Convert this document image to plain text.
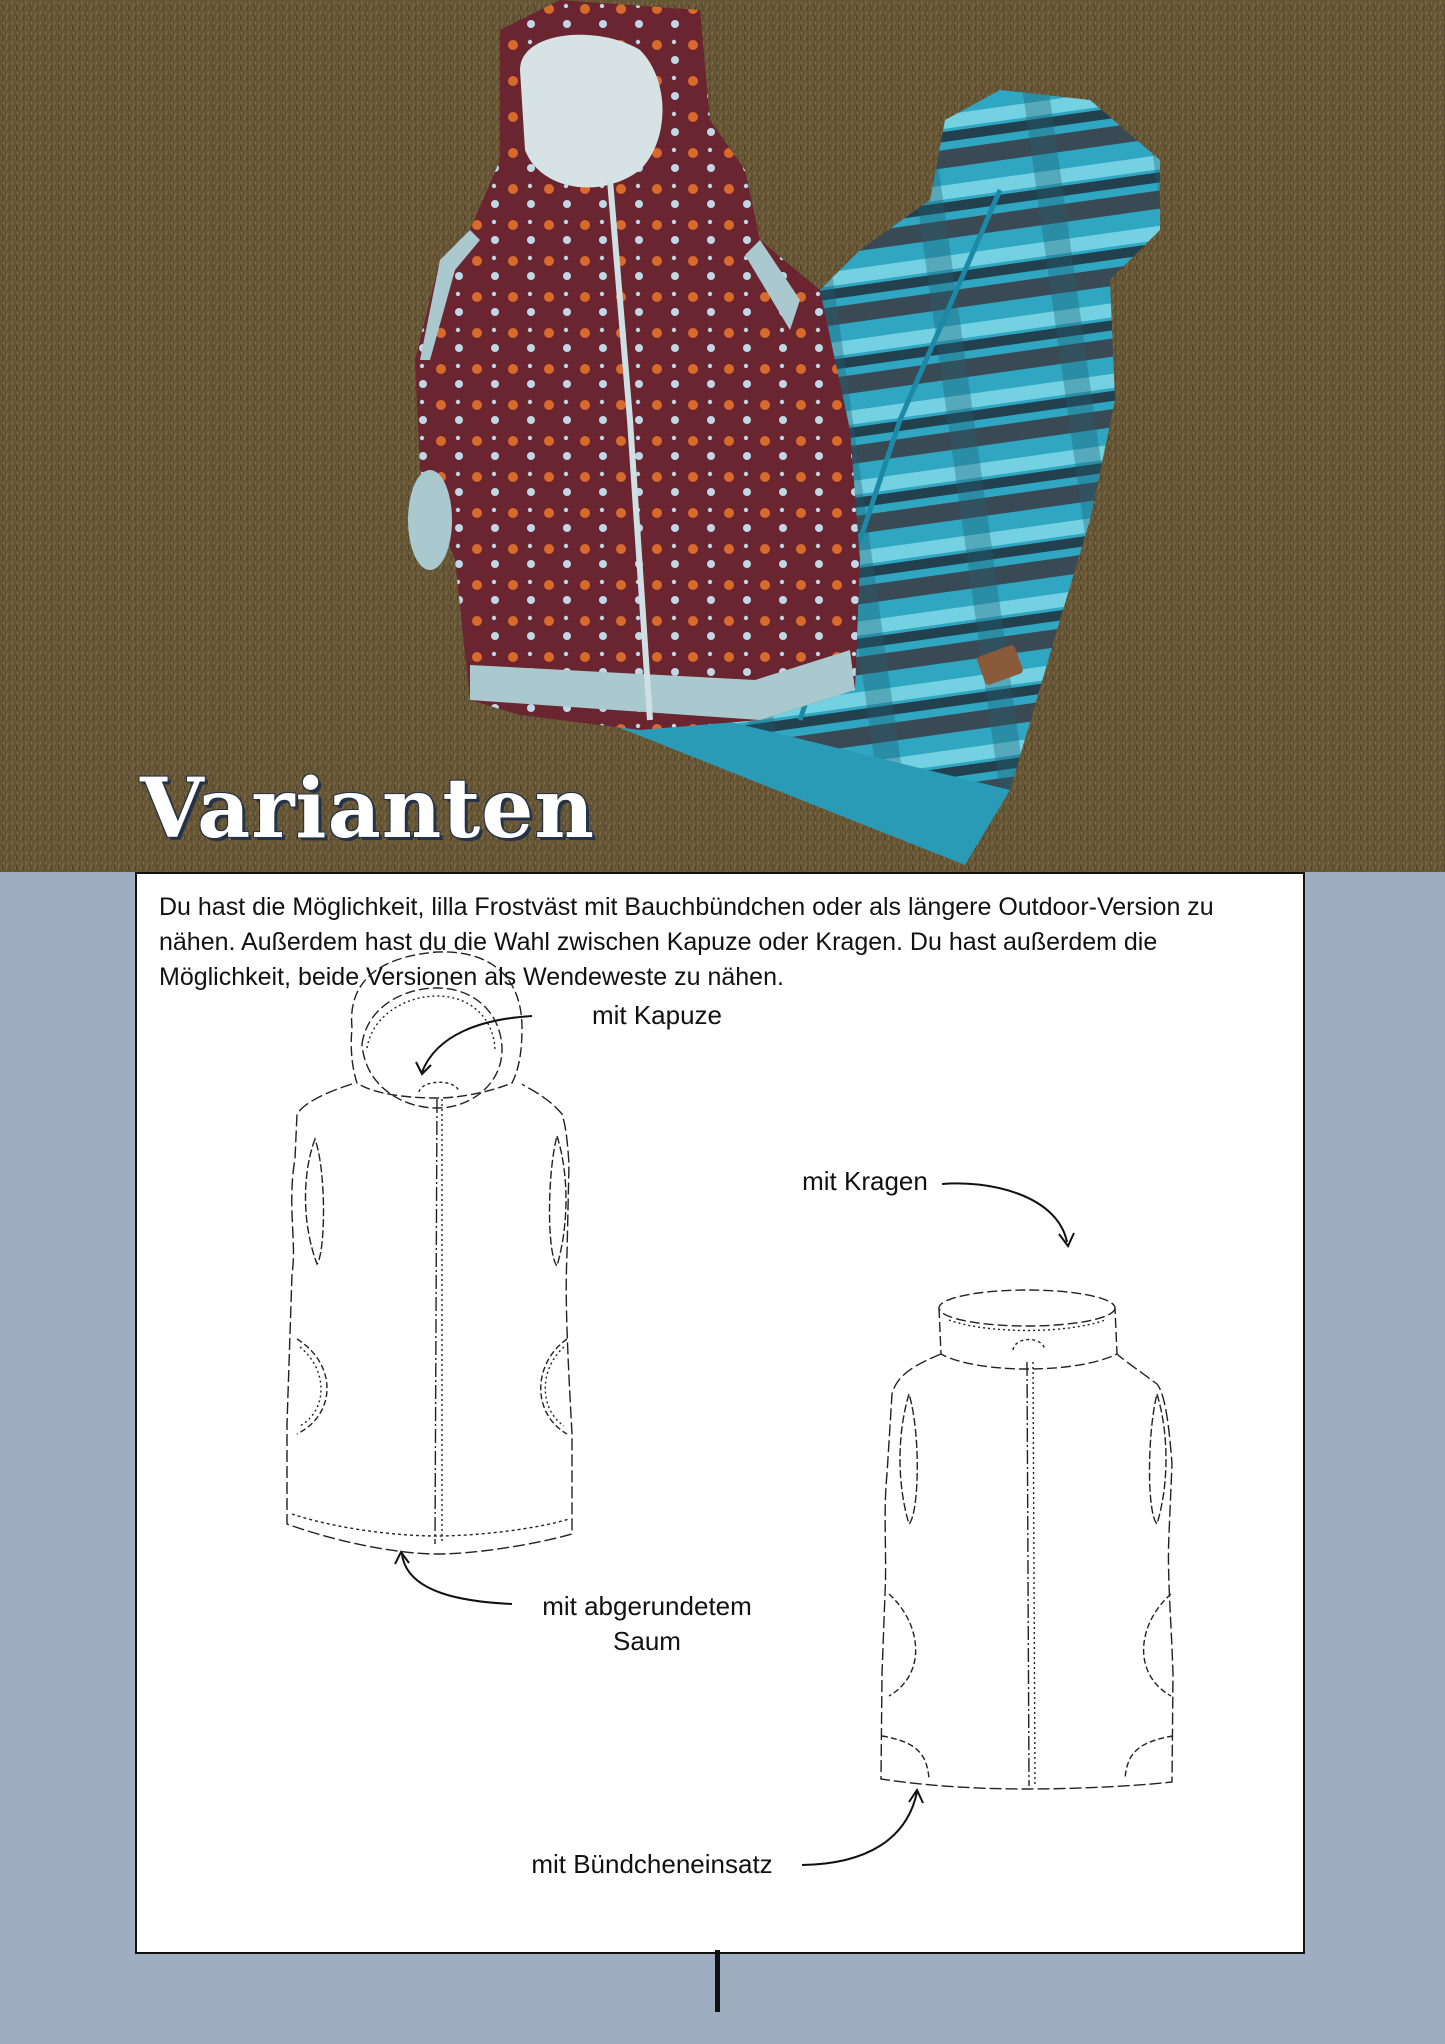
Varianten

Du hast die Möglichkeit, lilla Frostväst mit Bauchbündchen oder als längere Outdoor-Version zu nähen. Außerdem hast du die Wahl zwischen Kapuze oder Kragen. Du hast außerdem die Möglichkeit, beide Versionen als Wendeweste zu nähen.

mit Kapuze
mit Kragen
mit abgerundetem
Saum
mit Bündcheneinsatz
